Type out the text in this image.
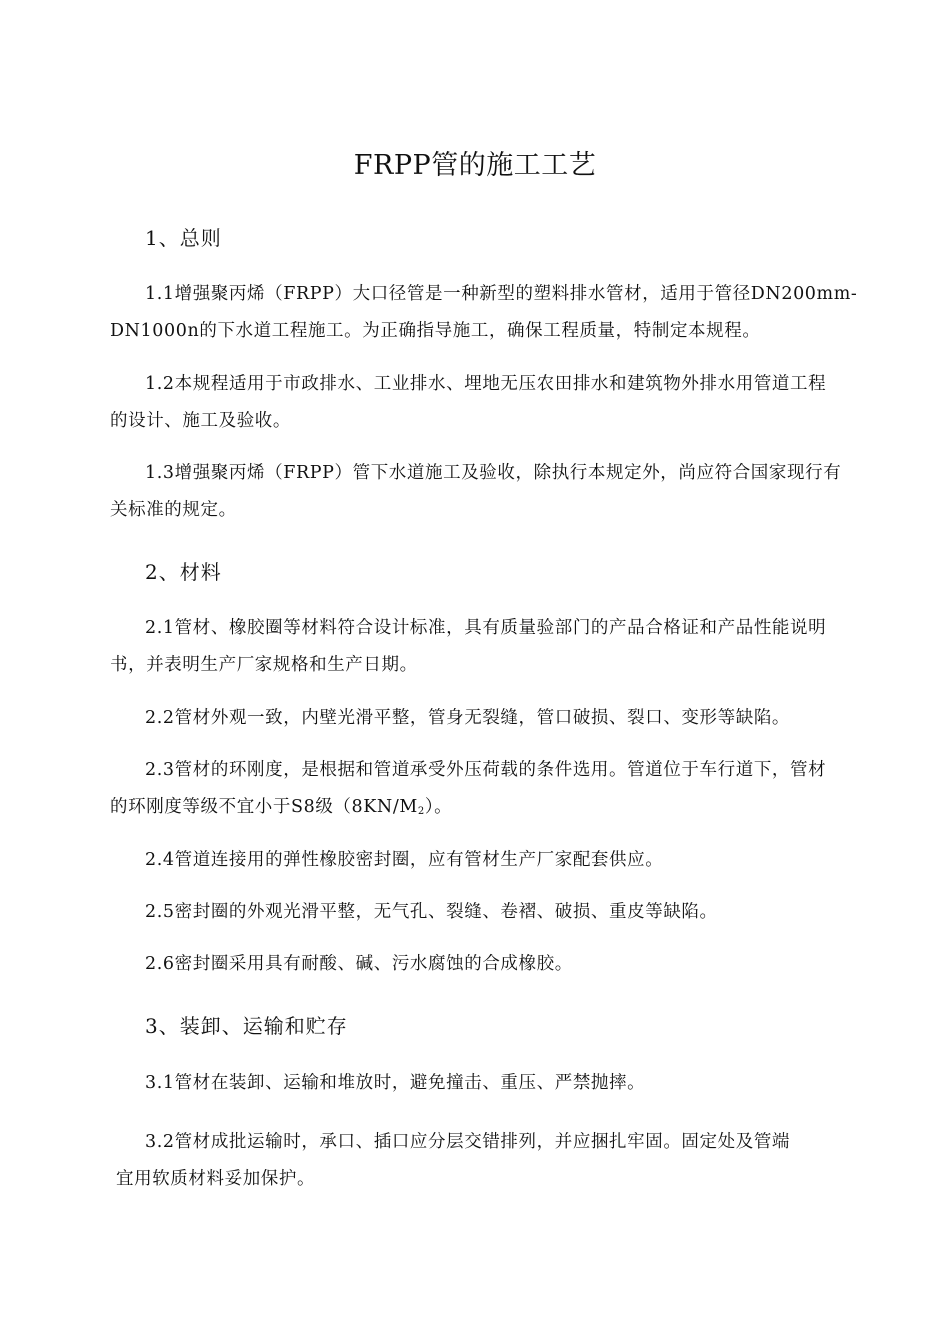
FRPP管的施工工艺
1、总则
1.1增强聚丙烯（FRPP）大口径管是一种新型的塑料排水管材，适用于管径DN200mm-
DN1000n的下水道工程施工。为正确指导施工，确保工程质量，特制定本规程。
1.2本规程适用于市政排水、工业排水、埋地无压农田排水和建筑物外排水用管道工程
的设计、施工及验收。
1.3增强聚丙烯（FRPP）管下水道施工及验收，除执行本规定外，尚应符合国家现行有
关标准的规定。
2、材料
2.1管材、橡胶圈等材料符合设计标准，具有质量验部门的产品合格证和产品性能说明
书，并表明生产厂家规格和生产日期。
2.2管材外观一致，内壁光滑平整，管身无裂缝，管口破损、裂口、变形等缺陷。
2.3管材的环刚度，是根据和管道承受外压荷载的条件选用。管道位于车行道下，管材
的环刚度等级不宜小于S8级$(8KN/M_2)$。
2.4管道连接用的弹性橡胶密封圈，应有管材生产厂家配套供应。
2.5密封圈的外观光滑平整，无气孔、裂缝、卷褶、破损、重皮等缺陷。
2.6密封圈采用具有耐酸、碱、污水腐蚀的合成橡胶。
3、装卸、运输和贮存
3.1管材在装卸、运输和堆放时，避免撞击、重压、严禁抛摔。
3.2管材成批运输时，承口、插口应分层交错排列，并应捆扎牢固。固定处及管端
宜用软质材料妥加保护。
